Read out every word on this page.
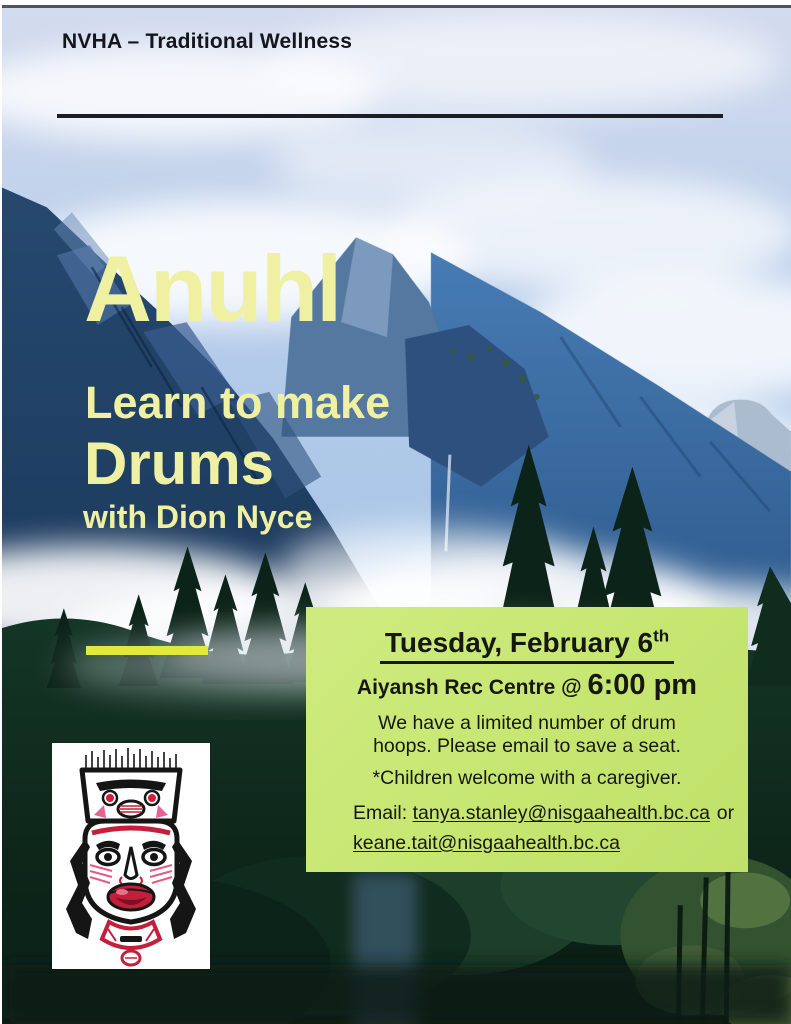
NVHA – Traditional Wellness
Anuhl
Learn to make
Drums
with Dion Nyce
Tuesday, February 6th
Aiyansh Rec Centre @ 6:00 pm
We have a limited number of drum hoops. Please email to save a seat.
*Children welcome with a caregiver.
Email: tanya.stanley@nisgaahealth.bc.ca or
keane.tait@nisgaahealth.bc.ca
